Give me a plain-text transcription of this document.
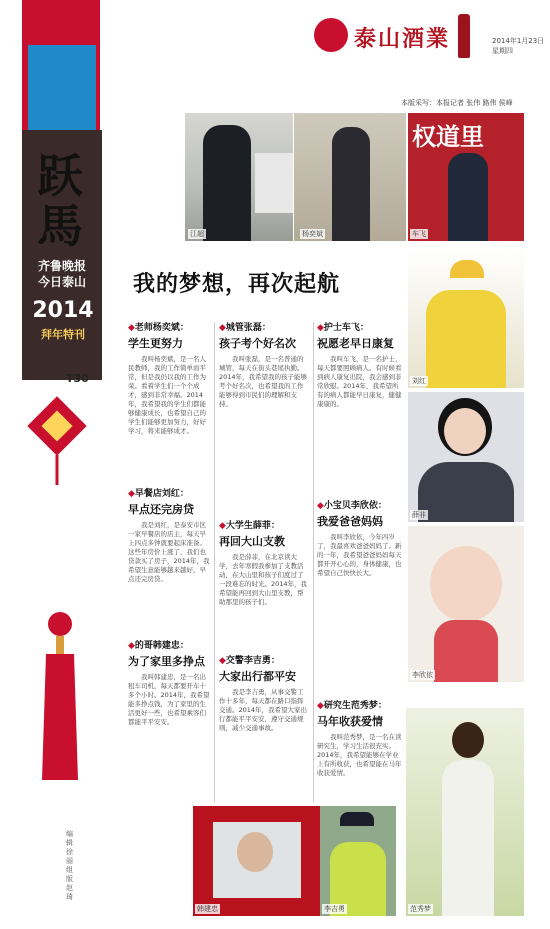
跃
馬
齐鲁晚报
今日泰山
2014
拜年特刊
T30
编辑 徐 丽 组版 赵 琦
泰山酒業	2014年1月23日
星期四
本版采写：本报记者 张伟 路伟 侯峰
江超	杨奕斌
权道里
车飞
刘红
薛非
李欣依
韩建忠	李吉勇	范秀梦
我的梦想，再次起航
◆老师杨奕斌：
学生更努力
我叫杨奕斌，是一名人民教师，我的工作简单而平常，但是我仍以我的工作为荣。看着学生们一个个成才，感到非常幸福。2014年，我希望我的学生们都能够健康成长，也希望自己的学生们能够更加努力，好好学习，将来能够成才。
◆早餐店刘红：
早点还完房贷
我是刘红，是泰安市区一家早餐店的店主，每天早上四点多钟就要起床准备。这些年房价上涨了，我们也贷款买了房子，2014年，我希望生意能够越来越好，早点还完房贷。
◆的哥韩建忠：
为了家里多挣点
我叫韩建忠，是一名出租车司机，每天都要开车十多个小时。2014年，我希望能多挣点钱，为了家里的生活更好一些，也希望乘客们都能平平安安。
◆城管张磊：
孩子考个好名次
我叫张磊，是一名普通的城管，每天在街头巷尾执勤。2014年，我希望我的孩子能够考个好名次，也希望我的工作能够得到市民们的理解和支持。
◆大学生薛菲：
再回大山支教
我是薛菲，在北京读大学，去年寒假我参加了支教活动，在大山里和孩子们度过了一段难忘的时光。2014年，我希望能再回到大山里支教，帮助那里的孩子们。
◆交警李吉勇：
大家出行都平安
我是李吉勇，从事交警工作十多年，每天都在路口指挥交通。2014年，我希望大家出行都能平平安安，遵守交通规则，减少交通事故。
◆护士车飞：
祝愿老早日康复
我叫车飞，是一名护士，每天都要照顾病人。有时候看到病人康复出院，我会感到非常欣慰。2014年，我希望所有的病人都能早日康复，健健康康的。
◆小宝贝李欣依：
我爱爸爸妈妈
我叫李欣依，今年四岁了，我最喜欢爸爸妈妈了。新的一年，我希望爸爸妈妈每天都开开心心的，身体健康，也希望自己快快长大。
◆研究生范秀梦：
马年收获爱情
我叫范秀梦，是一名在读研究生，学习生活很充实。2014年，我希望能够在学业上有所收获，也希望能在马年收获爱情。
